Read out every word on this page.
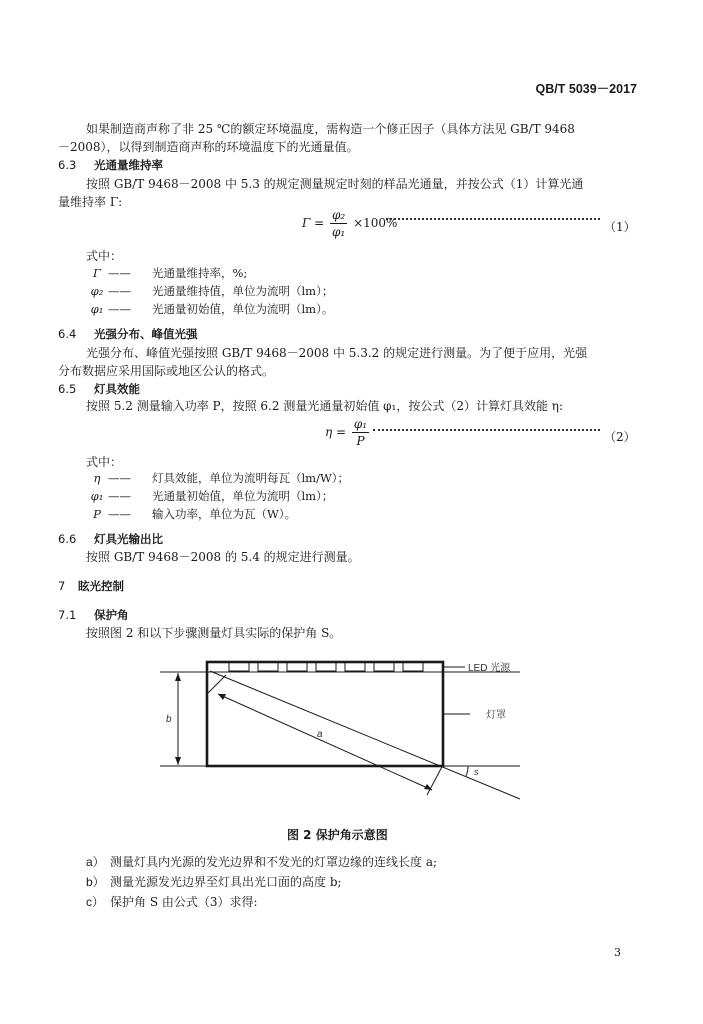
QB/T 5039－2017
如果制造商声称了非 25 ℃的额定环境温度，需构造一个修正因子（具体方法见 GB/T 9468
－2008），以得到制造商声称的环境温度下的光通量值。
6.3 光通量维持率
按照 GB/T 9468－2008 中 5.3 的规定测量规定时刻的样品光通量，并按公式（1）计算光通
量维持率 Γ:
$\Gamma = \frac{\text{φ₂}}{\text{φ₁}} \times 100\%$	（1）
式中：
Γ —— 光通量维持率，%;
φ₂ —— 光通量维持值，单位为流明（lm）；
φ₁ —— 光通量初始值，单位为流明（lm）。
6.4 光强分布、峰值光强
光强分布、峰值光强按照 GB/T 9468－2008 中 5.3.2 的规定进行测量。为了便于应用，光强
分布数据应采用国际或地区公认的格式。
6.5 灯具效能
按照 5.2 测量输入功率 P，按照 6.2 测量光通量初始值 φ₁，按公式（2）计算灯具效能 η:
$\eta = \frac{\text{φ₁}}{P}$	（2）
式中：
η —— 灯具效能，单位为流明每瓦（lm/W）；
φ₁ —— 光通量初始值，单位为流明（lm）；
P —— 输入功率，单位为瓦（W）。
6.6 灯具光输出比
按照 GB/T 9468－2008 的 5.4 的规定进行测量。
7 眩光控制
7.1 保护角
按照图 2 和以下步骤测量灯具实际的保护角 S。
LED 光源
灯罩
b
a
s
图 2 保护角示意图
a） 测量灯具内光源的发光边界和不发光的灯罩边缘的连线长度 a;
b） 测量光源发光边界至灯具出光口面的高度 b;
c） 保护角 S 由公式（3）求得:
3
